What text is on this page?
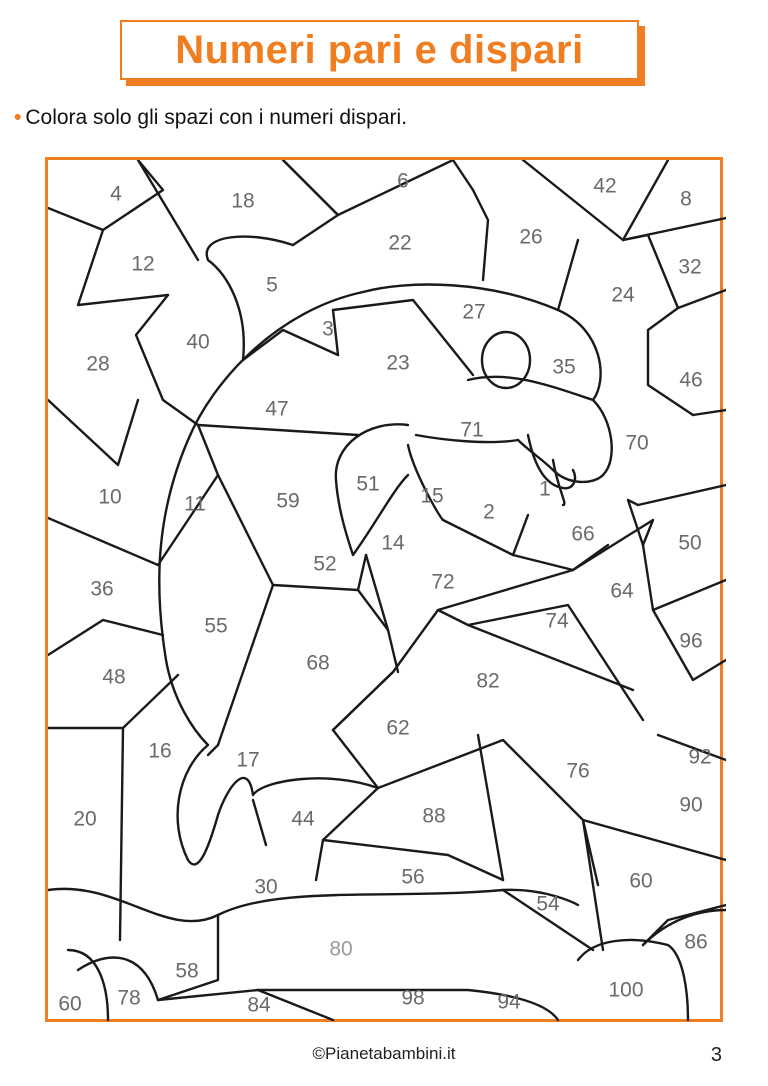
Numeri pari e dispari
• Colora solo gli spazi con i numeri dispari.
4	18
6	42
8
12
22	26
32
5
27
24
3
40
28	23	35
46
47
71
70
10	11	59
51
15	1
2
66	50
36
52
14
72	64
55	74
96
68
48	82
62
16	17	92
76
90
20	44	88
60
30	56
54
86
80
58
98	94
100
60 78	84
©Pianetabambini.it	3
